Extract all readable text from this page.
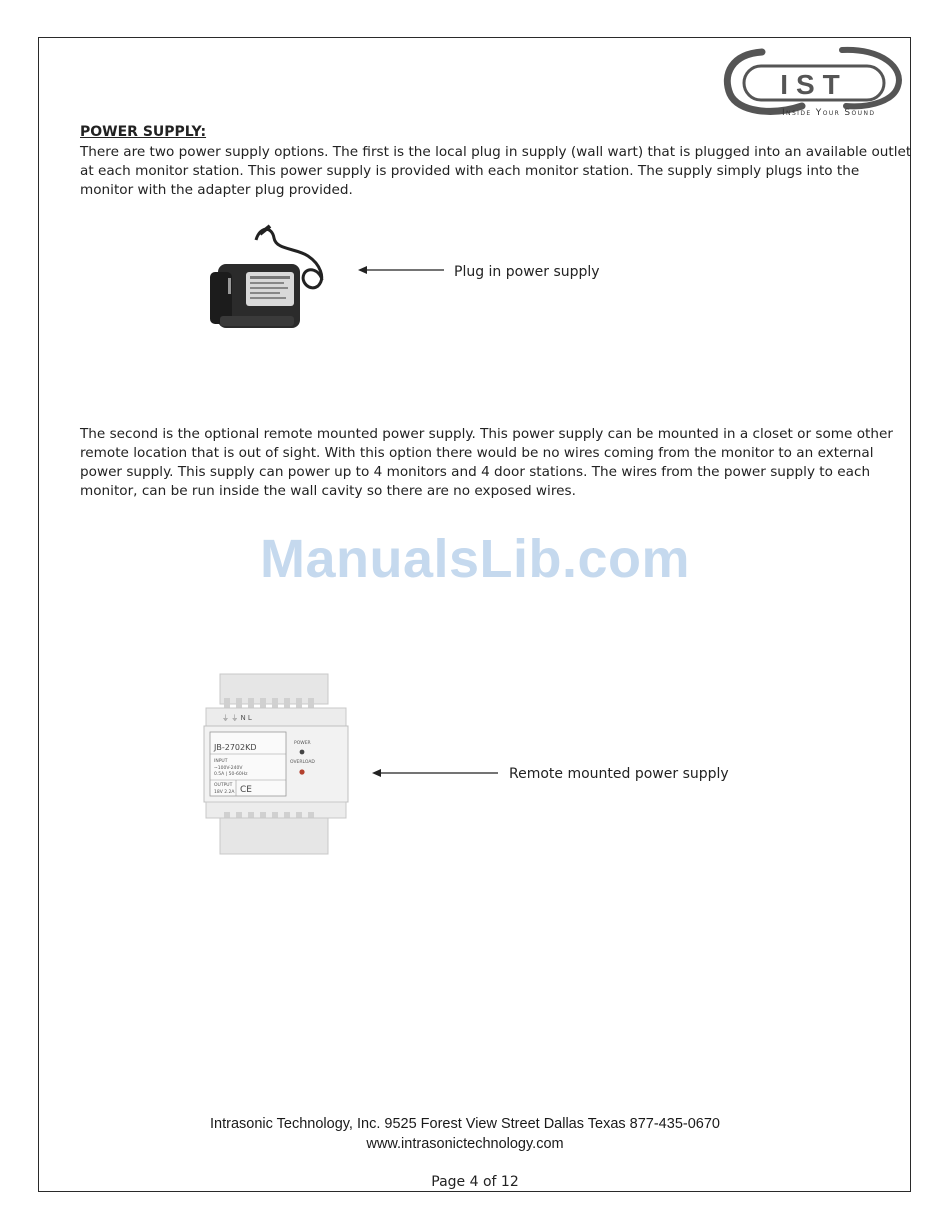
IST
Inside Your Sound
POWER SUPPLY:
There are two power supply options. The first is the local plug in supply (wall wart) that is plugged into an available outlet at each monitor station. This power supply is provided with each monitor station. The supply simply plugs into the monitor with the adapter plug provided.
Plug in power supply
The second is the optional remote mounted power supply. This power supply can be mounted in a closet or some other remote location that is out of sight. With this option there would be no wires coming from the monitor to an external power supply. This supply can power up to 4 monitors and 4 door stations. The wires from the power supply to each monitor, can be run inside the wall cavity so there are no exposed wires.
ManualsLib.com
⏚ ⏚ N L
JB-2702KD
INPUT
~100V-240V
0.5A | 50-60Hz
OUTPUT
18V 2.2A CE
POWER
OVERLOAD
Remote mounted power supply
Intrasonic Technology, Inc. 9525 Forest View Street Dallas Texas 877-435-0670
www.intrasonictechnology.com
Page 4 of 12
